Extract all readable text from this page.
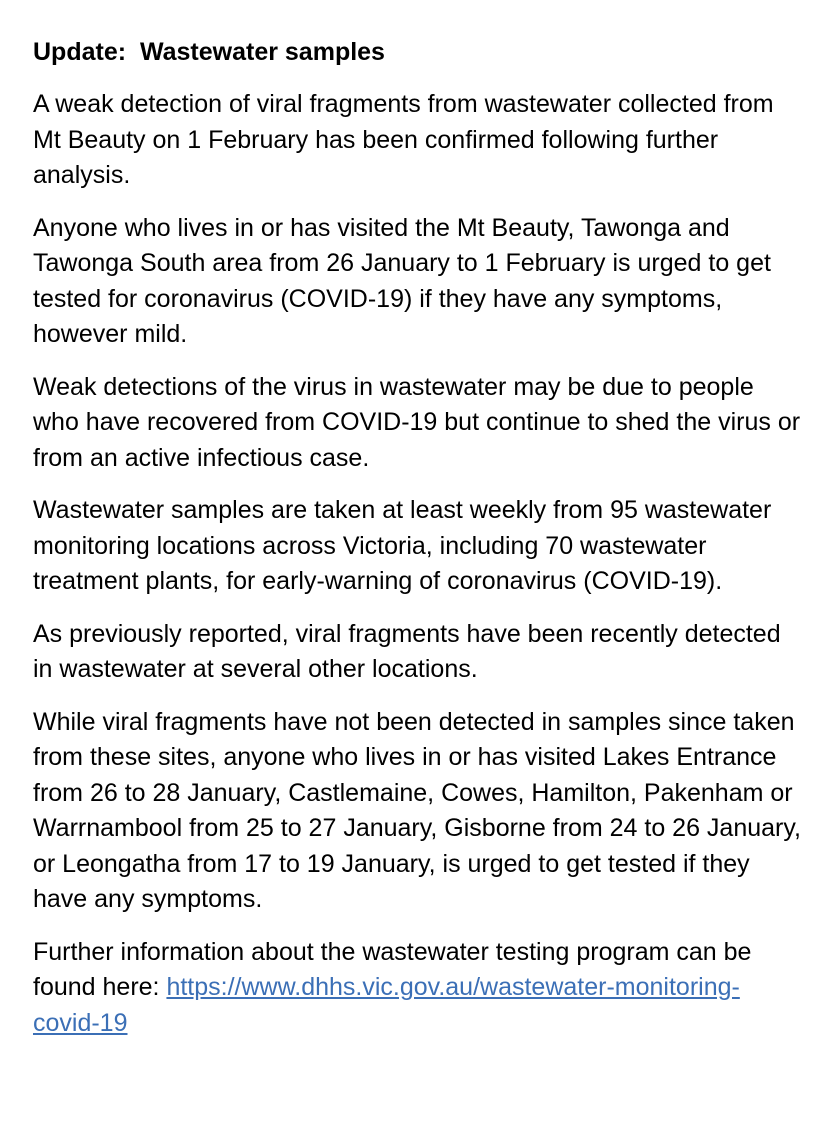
Update:  Wastewater samples

A weak detection of viral fragments from wastewater collected from Mt Beauty on 1 February has been confirmed following further analysis.

Anyone who lives in or has visited the Mt Beauty, Tawonga and Tawonga South area from 26 January to 1 February is urged to get tested for coronavirus (COVID-19) if they have any symptoms, however mild.

Weak detections of the virus in wastewater may be due to people who have recovered from COVID-19 but continue to shed the virus or from an active infectious case.

Wastewater samples are taken at least weekly from 95 wastewater monitoring locations across Victoria, including 70 wastewater treatment plants, for early-warning of coronavirus (COVID-19).

As previously reported, viral fragments have been recently detected in wastewater at several other locations.

While viral fragments have not been detected in samples since taken from these sites, anyone who lives in or has visited Lakes Entrance from 26 to 28 January, Castlemaine, Cowes, Hamilton, Pakenham or Warrnambool from 25 to 27 January, Gisborne from 24 to 26 January, or Leongatha from 17 to 19 January, is urged to get tested if they have any symptoms.

Further information about the wastewater testing program can be found here: https://www.dhhs.vic.gov.au/wastewater-monitoring-covid-19
